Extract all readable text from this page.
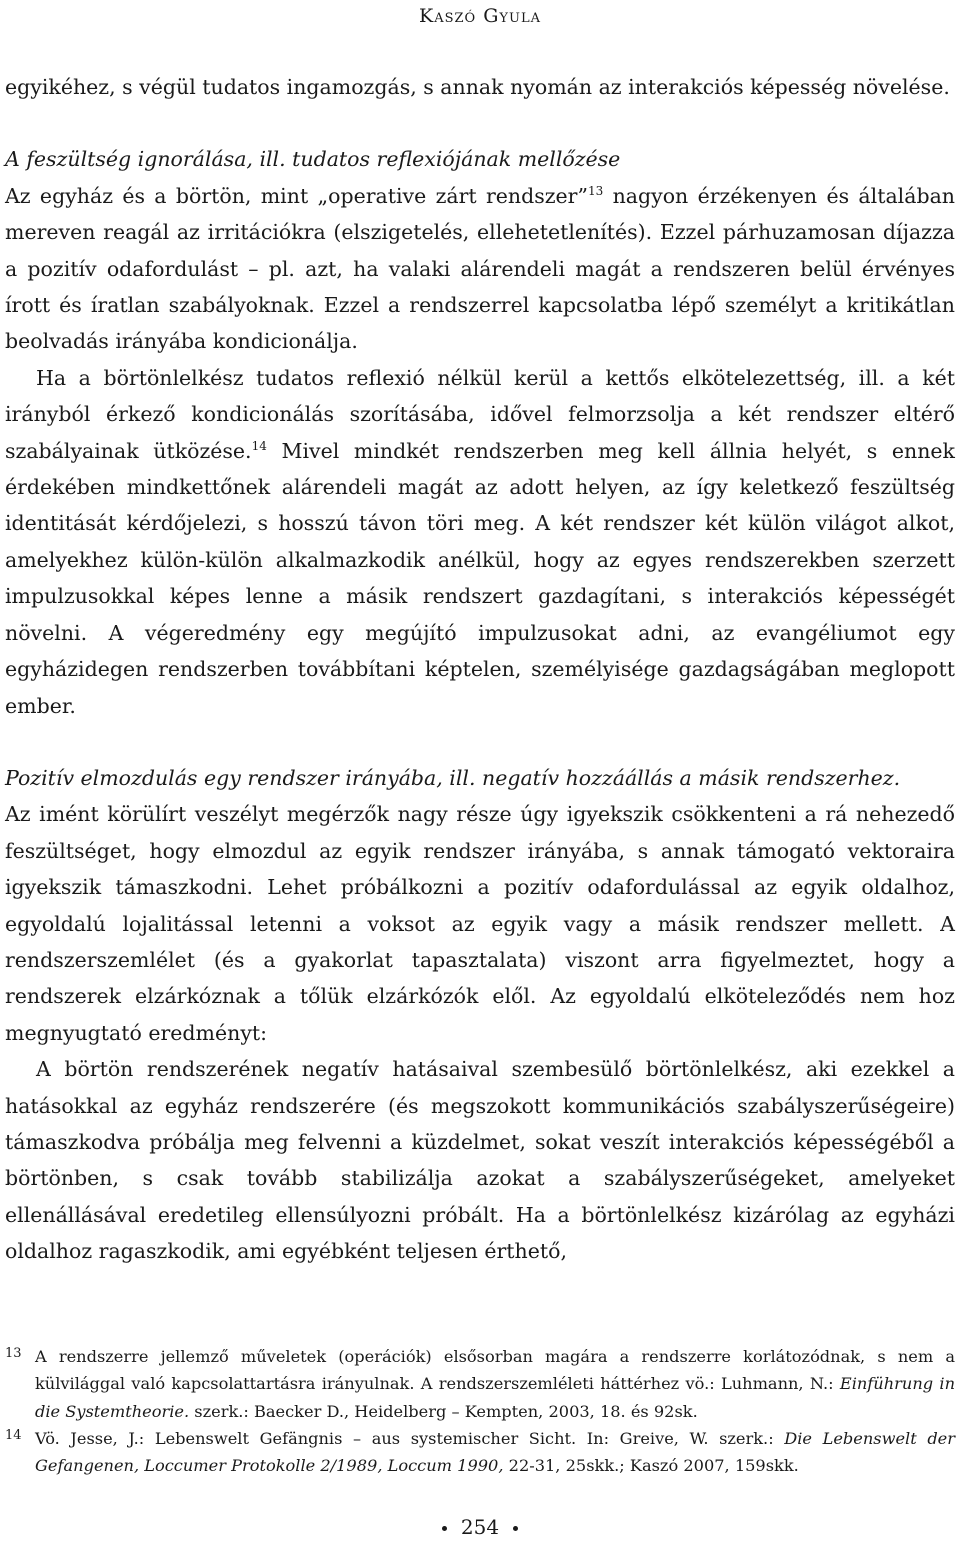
Kaszó Gyula

egyikéhez, s végül tudatos ingamozgás, s annak nyomán az interakciós képesség növelése.

A feszültség ignorálása, ill. tudatos reflexiójának mellőzése

Az egyház és a börtön, mint „operative zárt rendszer”$^{13}$ nagyon érzékenyen és általában mereven reagál az irritációkra (elszigetelés, ellehetetlenítés). Ezzel párhuzamosan díjazza a pozitív odafordulást – pl. azt, ha valaki alárendeli magát a rendszeren belül érvényes írott és íratlan szabályoknak. Ezzel a rendszerrel kapcsolatba lépő személyt a kritikátlan beolvadás irányába kondicionálja.

Ha a börtönlelkész tudatos reflexió nélkül kerül a kettős elkötelezettség, ill. a két irányból érkező kondicionálás szorításába, idővel felmorzsolja a két rendszer eltérő szabályainak ütközése.$^{14}$ Mivel mindkét rendszerben meg kell állnia helyét, s ennek érdekében mindkettőnek alárendeli magát az adott helyen, az így keletkező feszültség identitását kérdőjelezi, s hosszú távon töri meg. A két rendszer két külön világot alkot, amelyekhez külön-külön alkalmazkodik anélkül, hogy az egyes rendszerekben szerzett impulzusokkal képes lenne a másik rendszert gazdagítani, s interakciós képességét növelni. A végeredmény egy megújító impulzusokat adni, az evangéliumot egy egyházidegen rendszerben továbbítani képtelen, személyisége gazdagságában meglopott ember.

Pozitív elmozdulás egy rendszer irányába, ill. negatív hozzáállás a másik rendszerhez.

Az imént körülírt veszélyt megérzők nagy része úgy igyekszik csökkenteni a rá nehezedő feszültséget, hogy elmozdul az egyik rendszer irányába, s annak támogató vektoraira igyekszik támaszkodni. Lehet próbálkozni a pozitív odafordulással az egyik oldalhoz, egyoldalú lojalitással letenni a voksot az egyik vagy a másik rendszer mellett. A rendszerszemlélet (és a gyakorlat tapasztalata) viszont arra figyelmeztet, hogy a rendszerek elzárkóznak a tőlük elzárkózók elől. Az egyoldalú elköteleződés nem hoz megnyugtató eredményt:

A börtön rendszerének negatív hatásaival szembesülő börtönlelkész, aki ezekkel a hatásokkal az egyház rendszerére (és megszokott kommunikációs szabályszerűségeire) támaszkodva próbálja meg felvenni a küzdelmet, sokat veszít interakciós képességéből a börtönben, s csak tovább stabilizálja azokat a szabályszerűségeket, amelyeket ellenállásával eredetileg ellensúlyozni próbált. Ha a börtönlelkész kizárólag az egyházi oldalhoz ragaszkodik, ami egyébként teljesen érthető,

13 A rendszerre jellemző műveletek (operációk) elsősorban magára a rendszerre korlátozódnak, s nem a külvilággal való kapcsolattartásra irányulnak. A rendszerszemléleti háttérhez vö.: Luhmann, N.: Einführung in die Systemtheorie. szerk.: Baecker D., Heidelberg – Kempten, 2003, 18. és 92sk.
14 Vö. Jesse, J.: Lebenswelt Gefängnis – aus systemischer Sicht. In: Greive, W. szerk.: Die Lebenswelt der Gefangenen, Loccumer Protokolle 2/1989, Loccum 1990, 22-31, 25skk.; Kaszó 2007, 159skk.
254
